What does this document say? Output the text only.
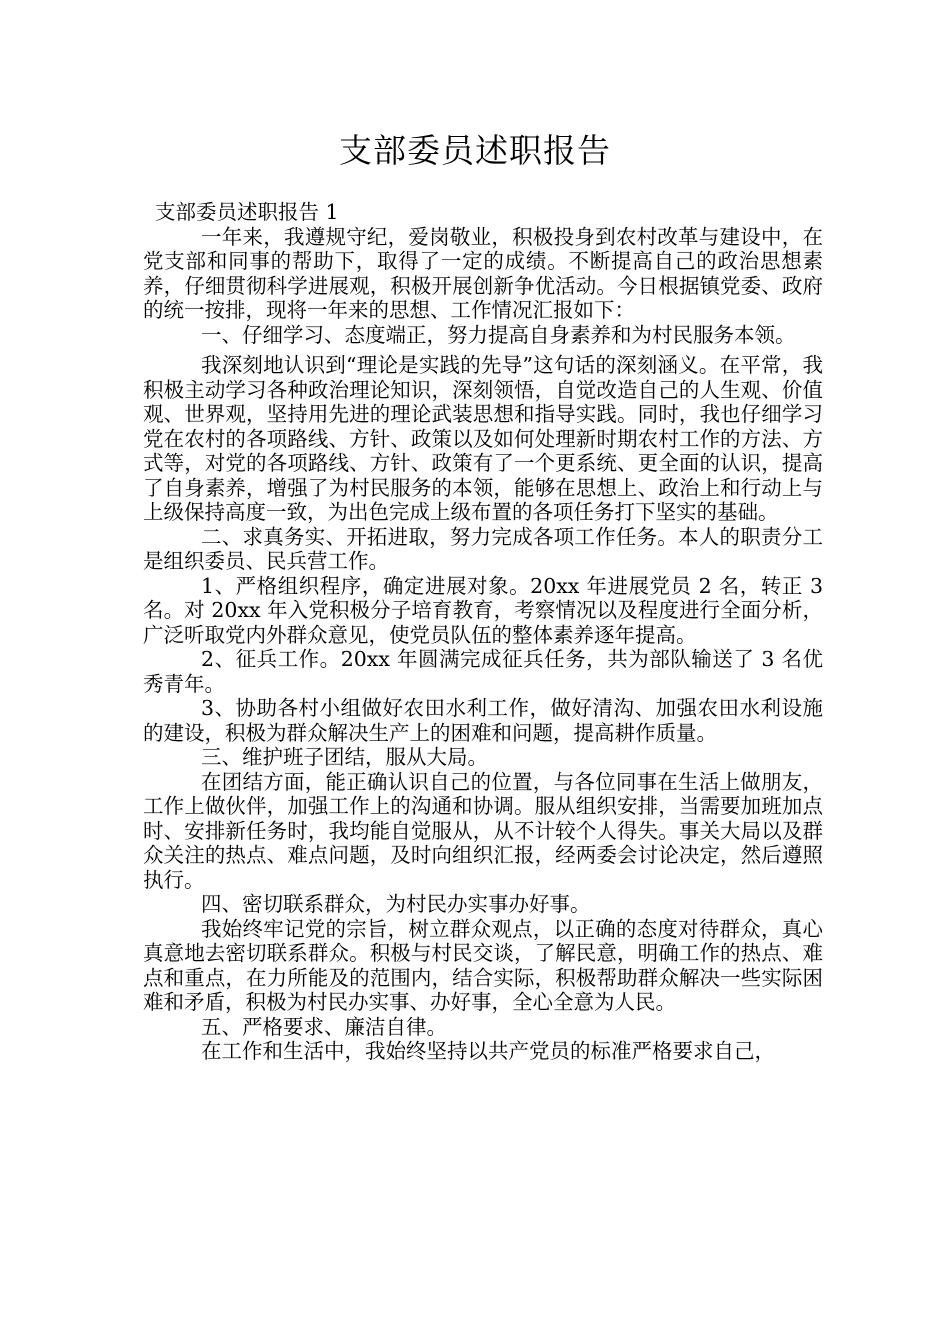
支部委员述职报告

支部委员述职报告 1

一年来，我遵规守纪，爱岗敬业，积极投身到农村改革与建设中，在党支部和同事的帮助下，取得了一定的成绩。不断提高自己的政治思想素养，仔细贯彻科学进展观，积极开展创新争优活动。今日根据镇党委、政府的统一按排，现将一年来的思想、工作情况汇报如下：

一、仔细学习、态度端正，努力提高自身素养和为村民服务本领。

我深刻地认识到“理论是实践的先导”这句话的深刻涵义。在平常，我积极主动学习各种政治理论知识，深刻领悟，自觉改造自己的人生观、价值观、世界观，坚持用先进的理论武装思想和指导实践。同时，我也仔细学习党在农村的各项路线、方针、政策以及如何处理新时期农村工作的方法、方式等，对党的各项路线、方针、政策有了一个更系统、更全面的认识，提高了自身素养，增强了为村民服务的本领，能够在思想上、政治上和行动上与上级保持高度一致，为出色完成上级布置的各项任务打下坚实的基础。

二、求真务实、开拓进取，努力完成各项工作任务。本人的职责分工是组织委员、民兵营工作。

1、严格组织程序，确定进展对象。20xx 年进展党员 2 名，转正 3 名。对 20xx 年入党积极分子培育教育，考察情况以及程度进行全面分析，广泛听取党内外群众意见，使党员队伍的整体素养逐年提高。

2、征兵工作。20xx 年圆满完成征兵任务，共为部队输送了 3 名优秀青年。

3、协助各村小组做好农田水利工作，做好清沟、加强农田水利设施的建设，积极为群众解决生产上的困难和问题，提高耕作质量。

三、维护班子团结，服从大局。

在团结方面，能正确认识自己的位置，与各位同事在生活上做朋友，工作上做伙伴，加强工作上的沟通和协调。服从组织安排，当需要加班加点时、安排新任务时，我均能自觉服从，从不计较个人得失。事关大局以及群众关注的热点、难点问题，及时向组织汇报，经两委会讨论决定，然后遵照执行。

四、密切联系群众，为村民办实事办好事。

我始终牢记党的宗旨，树立群众观点，以正确的态度对待群众，真心真意地去密切联系群众。积极与村民交谈，了解民意，明确工作的热点、难点和重点，在力所能及的范围内，结合实际，积极帮助群众解决一些实际困难和矛盾，积极为村民办实事、办好事，全心全意为人民。

五、严格要求、廉洁自律。

在工作和生活中，我始终坚持以共产党员的标准严格要求自己，
